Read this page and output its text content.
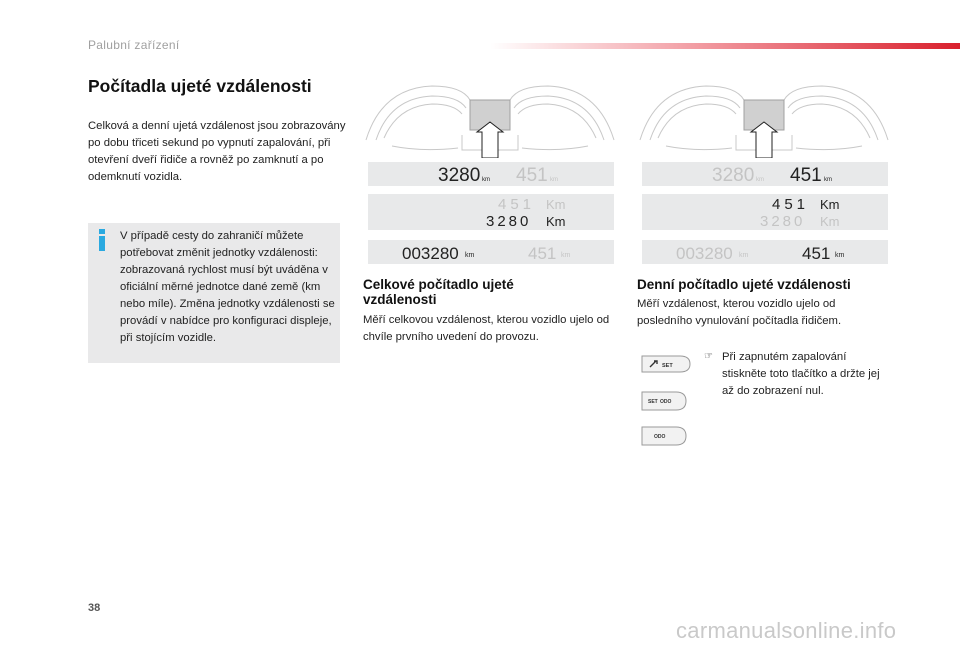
Palubní zařízení
Počítadla ujeté vzdálenosti
Celková a denní ujetá vzdálenost jsou zobrazovány po dobu třiceti sekund po vypnutí zapalování, při otevření dveří řidiče a rovněž po zamknutí a po odemknutí vozidla.
V případě cesty do zahraničí můžete potřebovat změnit jednotky vzdálenosti: zobrazovaná rychlost musí být uváděna v oficiální měrné jednotce dané země (km nebo míle). Změna jednotky vzdálenosti se provádí v nabídce pro konfiguraci displeje, při stojícím vozidle.
3280 km 451 km
451 Km
3280 Km
003280 km	451 km
3280 km 451 km
451 Km
3280 Km
003280 km	451 km
Celkové počítadlo ujeté vzdálenosti
Měří celkovou vzdálenost, kterou vozidlo ujelo od chvíle prvního uvedení do provozu.
Denní počítadlo ujeté vzdálenosti
Měří vzdálenost, kterou vozidlo ujelo od posledního vynulování počítadla řidičem.
SET
SET ODO
ODO
☞ Při zapnutém zapalování stiskněte toto tlačítko a držte jej až do zobrazení nul.
38
carmanualsonline.info
